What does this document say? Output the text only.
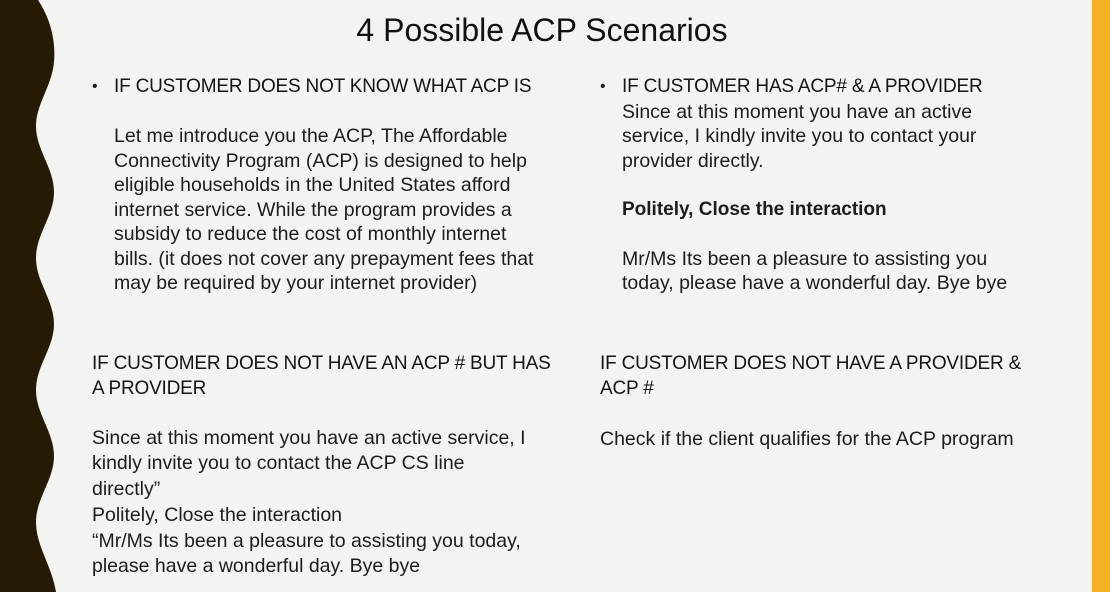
4 Possible ACP Scenarios
• IF CUSTOMER DOES NOT KNOW WHAT ACP IS
Let me introduce you the ACP, The Affordable Connectivity Program (ACP) is designed to help eligible households in the United States afford internet service. While the program provides a subsidy to reduce the cost of monthly internet bills. (it does not cover any prepayment fees that may be required by your internet provider)
• IF CUSTOMER HAS ACP# & A PROVIDER
Since at this moment you have an active service, I kindly invite you to contact your provider directly.
Politely, Close the interaction
Mr/Ms Its been a pleasure to assisting you today, please have a wonderful day. Bye bye
IF CUSTOMER DOES NOT HAVE AN ACP # BUT HAS
A PROVIDER
Since at this moment you have an active service, I
kindly invite you to contact the ACP CS line
directly”
Politely, Close the interaction
“Mr/Ms Its been a pleasure to assisting you today,
please have a wonderful day. Bye bye
IF CUSTOMER DOES NOT HAVE A PROVIDER &
ACP #
Check if the client qualifies for the ACP program
